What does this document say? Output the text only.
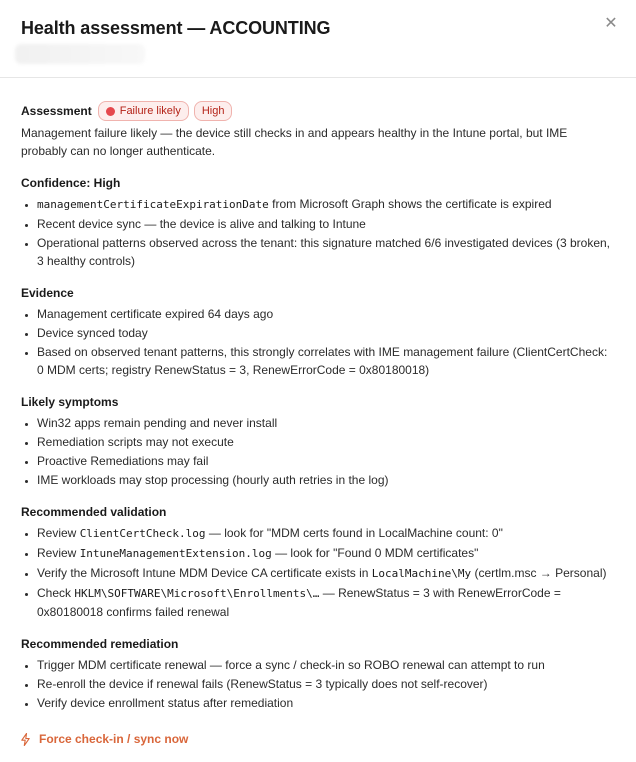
Health assessment — ACCOUNTING	✕
Assessment	Failure likely	High

Management failure likely — the device still checks in and appears healthy in the Intune portal, but IME probably can no longer authenticate.

Confidence: High
• managementCertificateExpirationDate from Microsoft Graph shows the certificate is expired
• Recent device sync — the device is alive and talking to Intune
• Operational patterns observed across the tenant: this signature matched 6/6 investigated devices (3 broken, 3 healthy controls)
Evidence
• Management certificate expired 64 days ago
• Device synced today
• Based on observed tenant patterns, this strongly correlates with IME management failure (ClientCertCheck: 0 MDM certs; registry RenewStatus = 3, RenewErrorCode = 0x80180018)
Likely symptoms
• Win32 apps remain pending and never install
• Remediation scripts may not execute
• Proactive Remediations may fail
• IME workloads may stop processing (hourly auth retries in the log)
Recommended validation
• Review ClientCertCheck.log — look for "MDM certs found in LocalMachine count: 0"
• Review IntuneManagementExtension.log — look for "Found 0 MDM certificates"
• Verify the Microsoft Intune MDM Device CA certificate exists in LocalMachine\My (certlm.msc → Personal)
• Check HKLM\SOFTWARE\Microsoft\Enrollments\… — RenewStatus = 3 with RenewErrorCode = 0x80180018 confirms failed renewal
Recommended remediation
• Trigger MDM certificate renewal — force a sync / check-in so ROBO renewal can attempt to run
• Re-enroll the device if renewal fails (RenewStatus = 3 typically does not self-recover)
• Verify device enrollment status after remediation
Force check-in / sync now
